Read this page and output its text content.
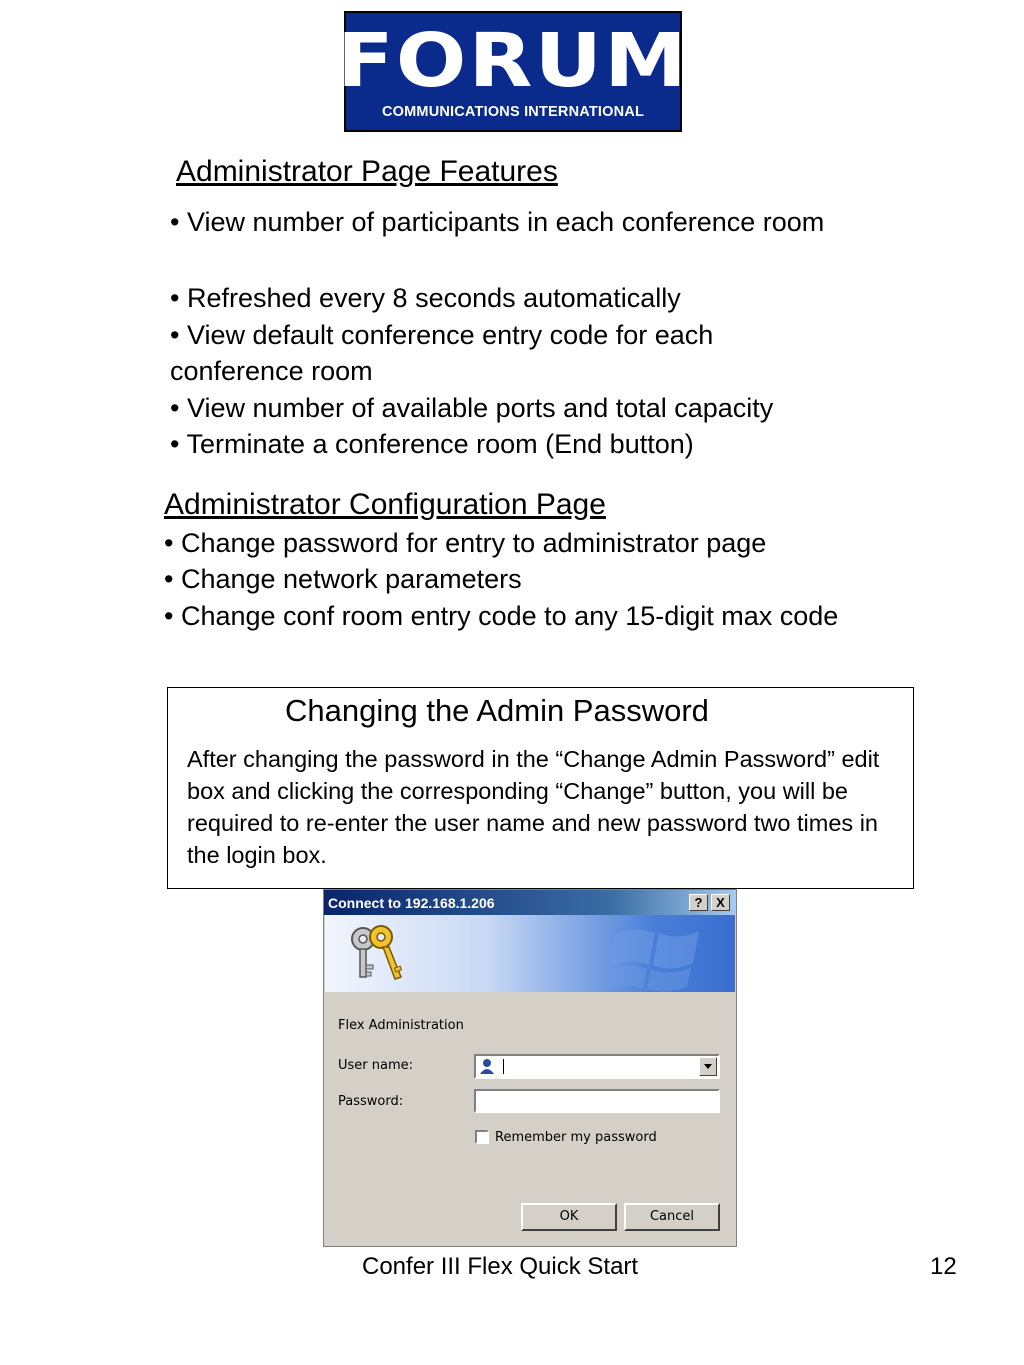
FORUM
COMMUNICATIONS INTERNATIONAL
Administrator Page Features
• View number of participants in each conference room
• Refreshed every 8 seconds automatically
• View default conference entry code for each conference room
• View number of available ports and total capacity
• Terminate a conference room (End button)
Administrator Configuration Page
• Change password for entry to administrator page
• Change network parameters
• Change conf room entry code to any 15-digit max code
Changing the Admin Password
After changing the password in the “Change Admin Password” edit box and clicking the corresponding “Change” button, you will be required to re-enter the user name and new password two times in the login box.
Connect to 192.168.1.206	?	X
Flex Administration
User name:
Password:
Remember my password
OK	Cancel
Confer III Flex Quick Start	12
